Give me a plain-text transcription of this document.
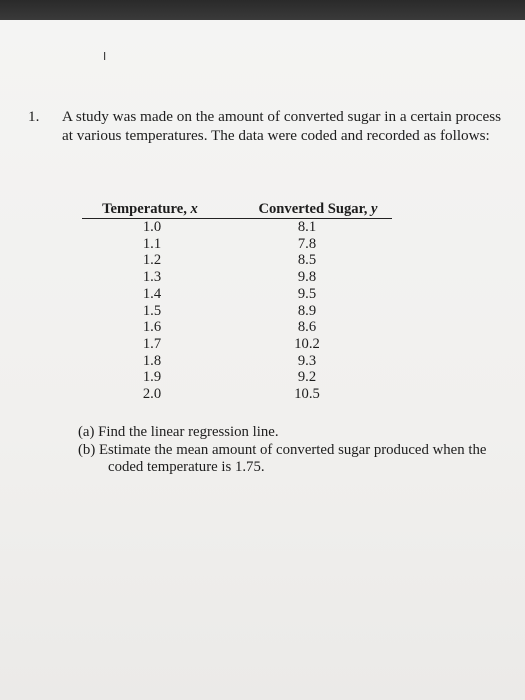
1. A study was made on the amount of converted sugar in a certain process at various temperatures. The data were coded and recorded as follows:
I
Temperature, x	Converted Sugar, y
1.0	8.1
1.1	7.8
1.2	8.5
1.3	9.8
1.4	9.5
1.5	8.9
1.6	8.6
1.7	10.2
1.8	9.3
1.9	9.2
2.0	10.5
(a) Find the linear regression line.
(b) Estimate the mean amount of converted sugar produced when the coded temperature is 1.75.
